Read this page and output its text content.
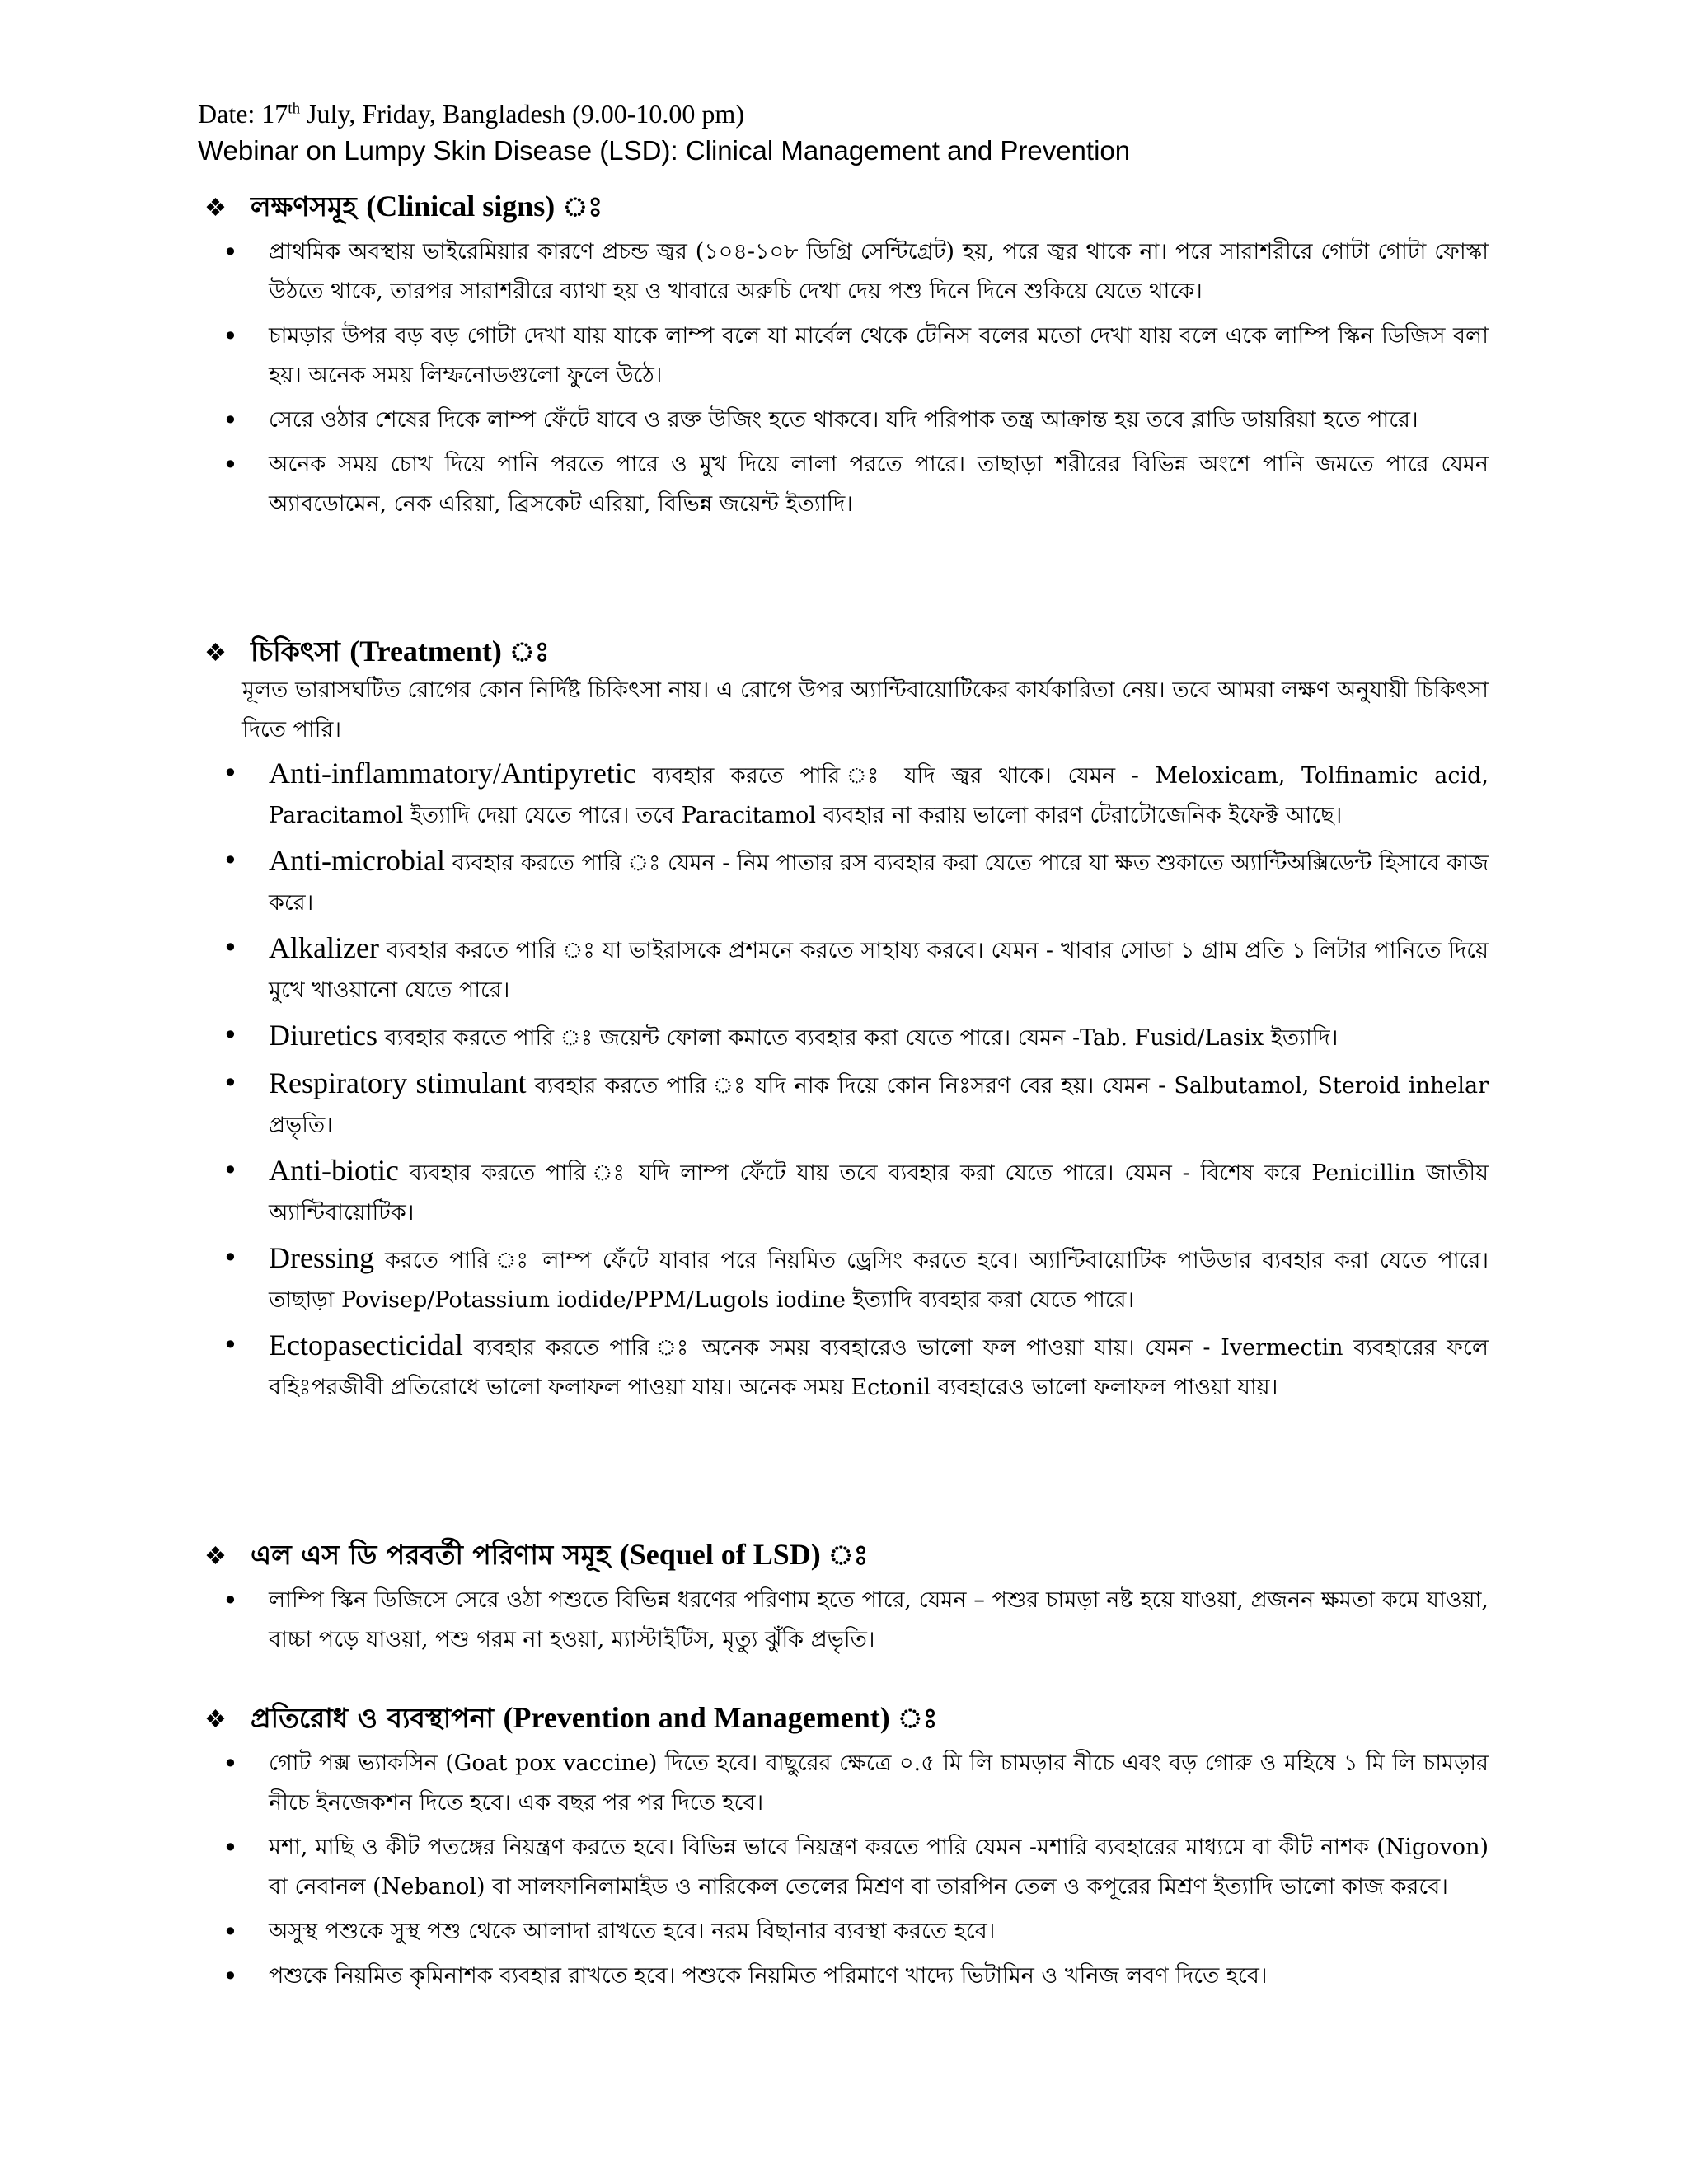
Date: 17th July, Friday, Bangladesh (9.00-10.00 pm)
Webinar on Lumpy Skin Disease (LSD): Clinical Management and Prevention
❖ লক্ষণসমূহ (Clinical signs)
• প্রাথমিক অবস্থায় ভাইরেমিয়ার কারণে প্রচন্ড জ্বর (১০৪-১০৮ ডিগ্রি সেন্টিগ্রেট) হয়, পরে জ্বর থাকে না। পরে সারাশরীরে গোটা গোটা ফোস্কা উঠতে থাকে, তারপর সারাশরীরে ব্যাথা হয় ও খাবারে অরুচি দেখা দেয় পশু দিনে দিনে শুকিয়ে যেতে থাকে।
• চামড়ার উপর বড় বড় গোটা দেখা যায় যাকে লাম্প বলে যা মার্বেল থেকে টেনিস বলের মতো দেখা যায় বলে একে লাম্পি স্কিন ডিজিস বলা হয়। অনেক সময় লিম্ফনোডগুলো ফুলে উঠে।
• সেরে ওঠার শেষের দিকে লাম্প ফেঁটে যাবে ও রক্ত উজিং হতে থাকবে। যদি পরিপাক তন্ত্র আক্রান্ত হয় তবে ব্লাডি ডায়রিয়া হতে পারে।
• অনেক সময় চোখ দিয়ে পানি পরতে পারে ও মুখ দিয়ে লালা পরতে পারে। তাছাড়া শরীরের বিভিন্ন অংশে পানি জমতে পারে যেমন অ্যাবডোমেন, নেক এরিয়া, ব্রিসকেট এরিয়া, বিভিন্ন জয়েন্ট ইত্যাদি।
❖ চিকিৎসা (Treatment)
মূলত ভারাসঘটিত রোগের কোন নির্দিষ্ট চিকিৎসা নায়। এ রোগে উপর অ্যান্টিবায়োটিকের কার্যকারিতা নেয়। তবে আমরা লক্ষণ অনুযায়ী চিকিৎসা দিতে পারি।
• Anti-inflammatory/Antipyretic ব্যবহার করতে পারি ঃ যদি জ্বর থাকে। যেমন - Meloxicam, Tolfinamic acid, Paracitamol ইত্যাদি দেয়া যেতে পারে। তবে Paracitamol ব্যবহার না করায় ভালো কারণ টেরাটোজেনিক ইফেক্ট আছে।
• Anti-microbial ব্যবহার করতে পারি ঃ যেমন - নিম পাতার রস ব্যবহার করা যেতে পারে যা ক্ষত শুকাতে অ্যান্টিঅক্সিডেন্ট হিসাবে কাজ করে।
• Alkalizer ব্যবহার করতে পারি ঃ যা ভাইরাসকে প্রশমনে করতে সাহায্য করবে। যেমন - খাবার সোডা ১ গ্রাম প্রতি ১ লিটার পানিতে দিয়ে মুখে খাওয়ানো যেতে পারে।
• Diuretics ব্যবহার করতে পারি ঃ জয়েন্ট ফোলা কমাতে ব্যবহার করা যেতে পারে। যেমন -Tab. Fusid/Lasix ইত্যাদি।
• Respiratory stimulant ব্যবহার করতে পারি ঃ যদি নাক দিয়ে কোন নিঃসরণ বের হয়। যেমন - Salbutamol, Steroid inhelar প্রভৃতি।
• Anti-biotic ব্যবহার করতে পারি ঃ যদি লাম্প ফেঁটে যায় তবে ব্যবহার করা যেতে পারে। যেমন - বিশেষ করে Penicillin জাতীয় অ্যান্টিবায়োটিক।
• Dressing করতে পারি ঃ লাম্প ফেঁটে যাবার পরে নিয়মিত ড্রেসিং করতে হবে। অ্যান্টিবায়োটিক পাউডার ব্যবহার করা যেতে পারে। তাছাড়া Povisep/Potassium iodide/PPM/Lugols iodine ইত্যাদি ব্যবহার করা যেতে পারে।
• Ectopasecticidal ব্যবহার করতে পারি ঃ অনেক সময় ব্যবহারেও ভালো ফল পাওয়া যায়। যেমন - Ivermectin ব্যবহারের ফলে বহিঃপরজীবী প্রতিরোধে ভালো ফলাফল পাওয়া যায়। অনেক সময় Ectonil ব্যবহারেও ভালো ফলাফল পাওয়া যায়।
❖ এল এস ডি পরবর্তী পরিণাম সমূহ (Sequel of LSD)
• লাম্পি স্কিন ডিজিসে সেরে ওঠা পশুতে বিভিন্ন ধরণের পরিণাম হতে পারে, যেমন – পশুর চামড়া নষ্ট হয়ে যাওয়া, প্রজনন ক্ষমতা কমে যাওয়া, বাচ্চা পড়ে যাওয়া, পশু গরম না হওয়া, ম্যাস্টাইটিস, মৃত্যু ঝুঁকি প্রভৃতি।
❖ প্রতিরোধ ও ব্যবস্থাপনা (Prevention and Management)
• গোট পক্স ভ্যাকসিন (Goat pox vaccine) দিতে হবে। বাছুরের ক্ষেত্রে ০.৫ মি লি চামড়ার নীচে এবং বড় গোরু ও মহিষে ১ মি লি চামড়ার নীচে ইনজেকশন দিতে হবে। এক বছর পর পর দিতে হবে।
• মশা, মাছি ও কীট পতঙ্গের নিয়ন্ত্রণ করতে হবে। বিভিন্ন ভাবে নিয়ন্ত্রণ করতে পারি যেমন -মশারি ব্যবহারের মাধ্যমে বা কীট নাশক (Nigovon) বা নেবানল (Nebanol) বা সালফানিলামাইড ও নারিকেল তেলের মিশ্রণ বা তারপিন তেল ও কপূরের মিশ্রণ ইত্যাদি ভালো কাজ করবে।
• অসুস্থ পশুকে সুস্থ পশু থেকে আলাদা রাখতে হবে। নরম বিছানার ব্যবস্থা করতে হবে।
• পশুকে নিয়মিত কৃমিনাশক ব্যবহার রাখতে হবে। পশুকে নিয়মিত পরিমাণে খাদ্যে ভিটামিন ও খনিজ লবণ দিতে হবে।
